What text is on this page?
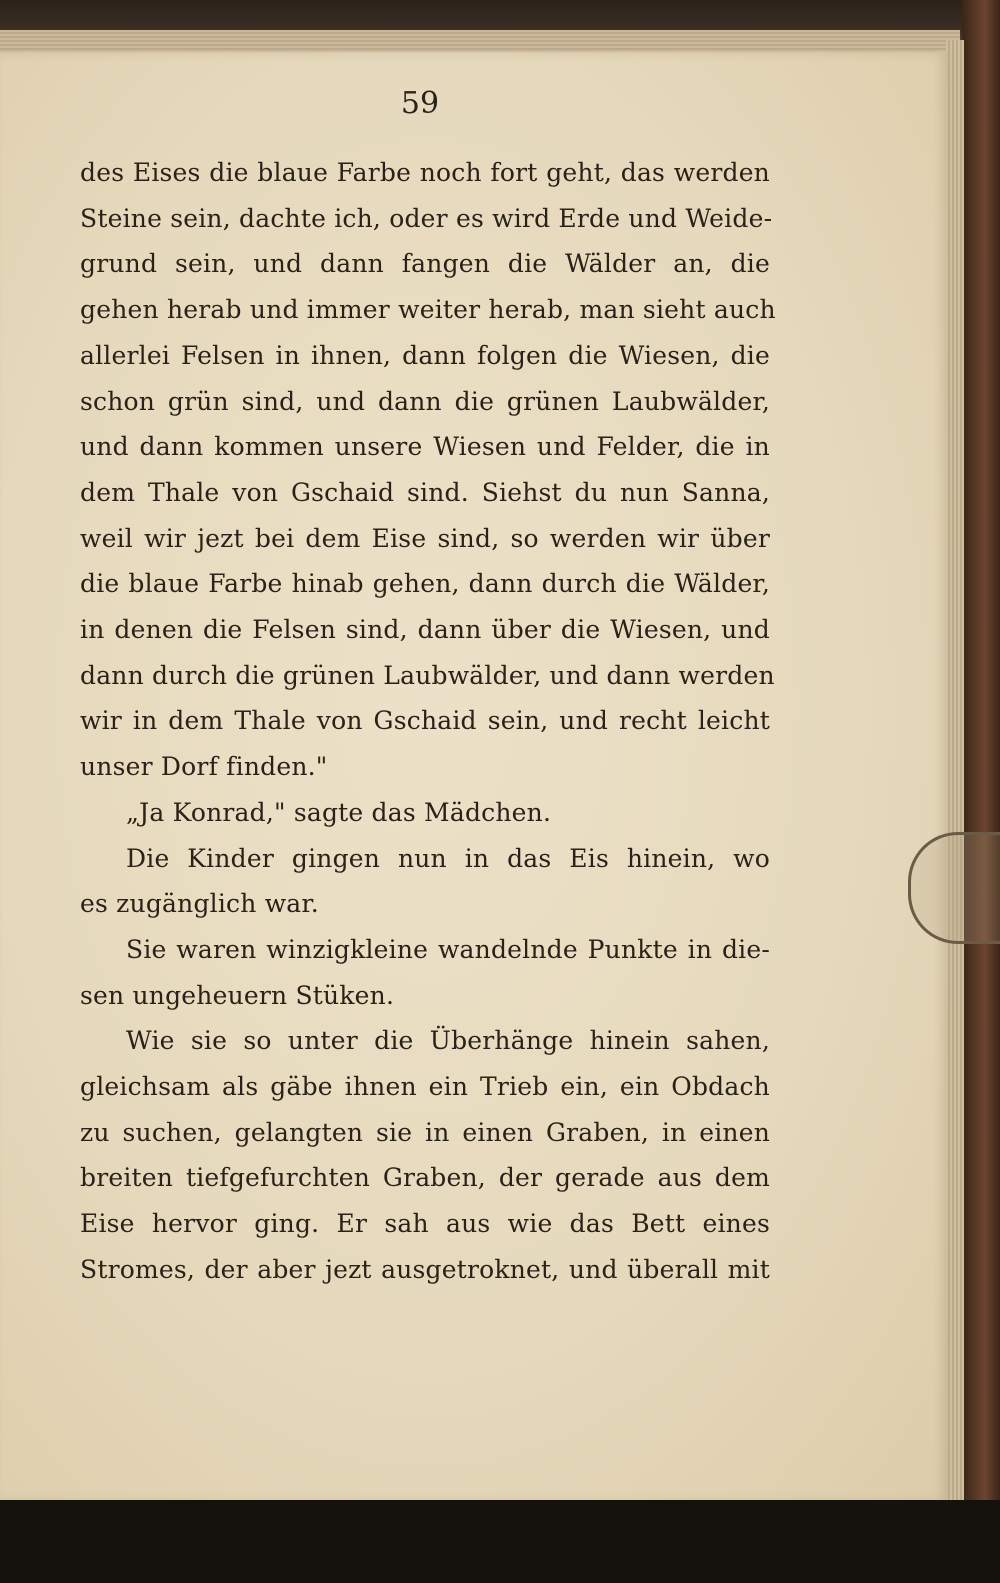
59
des Eises die blaue Farbe noch fort geht, das werden
Steine sein, dachte ich, oder es wird Erde und Weide-
grund sein, und dann fangen die Wälder an, die
gehen herab und immer weiter herab, man sieht auch
allerlei Felsen in ihnen, dann folgen die Wiesen, die
schon grün sind, und dann die grünen Laubwälder,
und dann kommen unsere Wiesen und Felder, die in
dem Thale von Gschaid sind. Siehst du nun Sanna,
weil wir jezt bei dem Eise sind, so werden wir über
die blaue Farbe hinab gehen, dann durch die Wälder,
in denen die Felsen sind, dann über die Wiesen, und
dann durch die grünen Laubwälder, und dann werden
wir in dem Thale von Gschaid sein, und recht leicht
unser Dorf finden."
„Ja Konrad," sagte das Mädchen.
Die Kinder gingen nun in das Eis hinein, wo
es zugänglich war.
Sie waren winzigkleine wandelnde Punkte in die-
sen ungeheuern Stüken.
Wie sie so unter die Überhänge hinein sahen,
gleichsam als gäbe ihnen ein Trieb ein, ein Obdach
zu suchen, gelangten sie in einen Graben, in einen
breiten tiefgefurchten Graben, der gerade aus dem
Eise hervor ging. Er sah aus wie das Bett eines
Stromes, der aber jezt ausgetroknet, und überall mit
